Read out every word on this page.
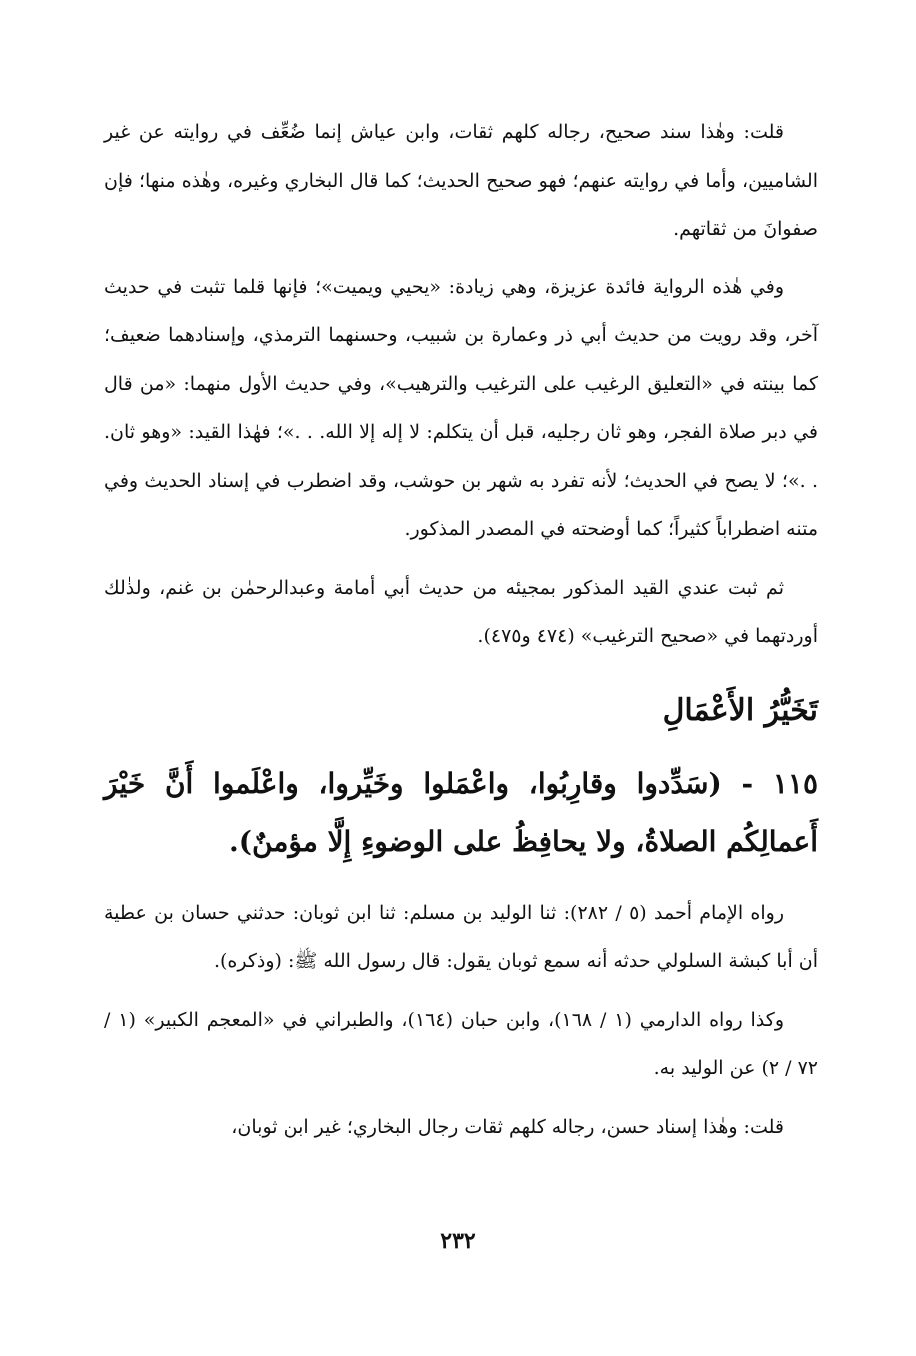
قلت: وهٰذا سند صحيح، رجاله كلهم ثقات، وابن عياش إنما ضُعِّف في روايته عن غير الشاميين، وأما في روايته عنهم؛ فهو صحيح الحديث؛ كما قال البخاري وغيره، وهٰذه منها؛ فإن صفوانَ من ثقاتهم.

وفي هٰذه الرواية فائدة عزيزة، وهي زيادة: «يحيي ويميت»؛ فإنها قلما تثبت في حديث آخر، وقد رويت من حديث أبي ذر وعمارة بن شبيب، وحسنهما الترمذي، وإسنادهما ضعيف؛ كما بينته في «التعليق الرغيب على الترغيب والترهيب»، وفي حديث الأول منهما: «من قال في دبر صلاة الفجر، وهو ثان رجليه، قبل أن يتكلم: لا إله إلا الله. . .»؛ فهٰذا القيد: «وهو ثان. . .»؛ لا يصح في الحديث؛ لأنه تفرد به شهر بن حوشب، وقد اضطرب في إسناد الحديث وفي متنه اضطراباً كثيراً؛ كما أوضحته في المصدر المذكور.

ثم ثبت عندي القيد المذكور بمجيئه من حديث أبي أمامة وعبدالرحمٰن بن غنم، ولذٰلك أوردتهما في «صحيح الترغيب» (٤٧٤ و٤٧٥).

تَخَيُّرُ الأَعْمَالِ

١١٥ - (سَدِّدوا وقارِبُوا، واعْمَلوا وخَيِّروا، واعْلَموا أَنَّ خَيْرَ أَعمالِكُم الصلاةُ، ولا يحافِظُ على الوضوءِ إِلَّا مؤمنٌ).

رواه الإمام أحمد (٥ / ٢٨٢): ثنا الوليد بن مسلم: ثنا ابن ثوبان: حدثني حسان بن عطية أن أبا كبشة السلولي حدثه أنه سمع ثوبان يقول: قال رسول الله ﷺ: (وذكره).

وكذا رواه الدارمي (١ / ١٦٨)، وابن حبان (١٦٤)، والطبراني في «المعجم الكبير» (١ / ٧٢ / ٢) عن الوليد به.

قلت: وهٰذا إسناد حسن، رجاله كلهم ثقات رجال البخاري؛ غير ابن ثوبان،

٢٣٢
